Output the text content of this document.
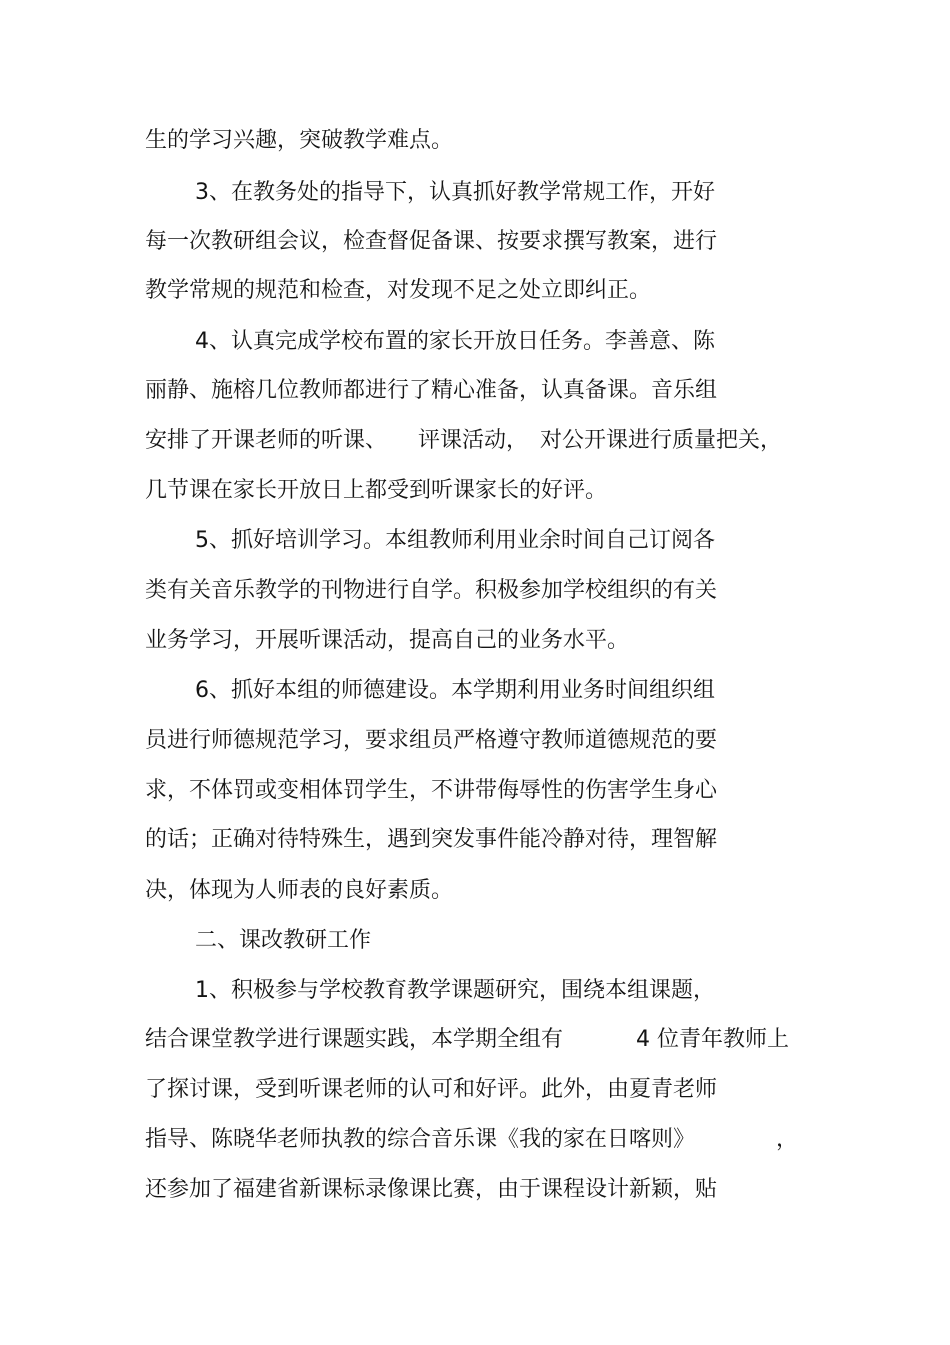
生的学习兴趣，突破教学难点。
3、在教务处的指导下，认真抓好教学常规工作，开好
每一次教研组会议，检查督促备课、按要求撰写教案，进行
教学常规的规范和检查，对发现不足之处立即纠正。
4、认真完成学校布置的家长开放日任务。李善意、陈
丽静、施榕几位教师都进行了精心准备，认真备课。音乐组
安排了开课老师的听课、 评课活动， 对公开课进行质量把关，
几节课在家长开放日上都受到听课家长的好评。
5、抓好培训学习。本组教师利用业余时间自己订阅各
类有关音乐教学的刊物进行自学。积极参加学校组织的有关
业务学习，开展听课活动，提高自己的业务水平。
6、抓好本组的师德建设。本学期利用业务时间组织组
员进行师德规范学习，要求组员严格遵守教师道德规范的要
求，不体罚或变相体罚学生，不讲带侮辱性的伤害学生身心
的话；正确对待特殊生，遇到突发事件能冷静对待，理智解
决，体现为人师表的良好素质。
二、课改教研工作
1、积极参与学校教育教学课题研究，围绕本组课题，
结合课堂教学进行课题实践，本学期全组有	4 位青年教师上
了探讨课，受到听课老师的认可和好评。此外，由夏青老师
指导、陈晓华老师执教的综合音乐课《我的家在日喀则》	，
还参加了福建省新课标录像课比赛，由于课程设计新颖，贴
